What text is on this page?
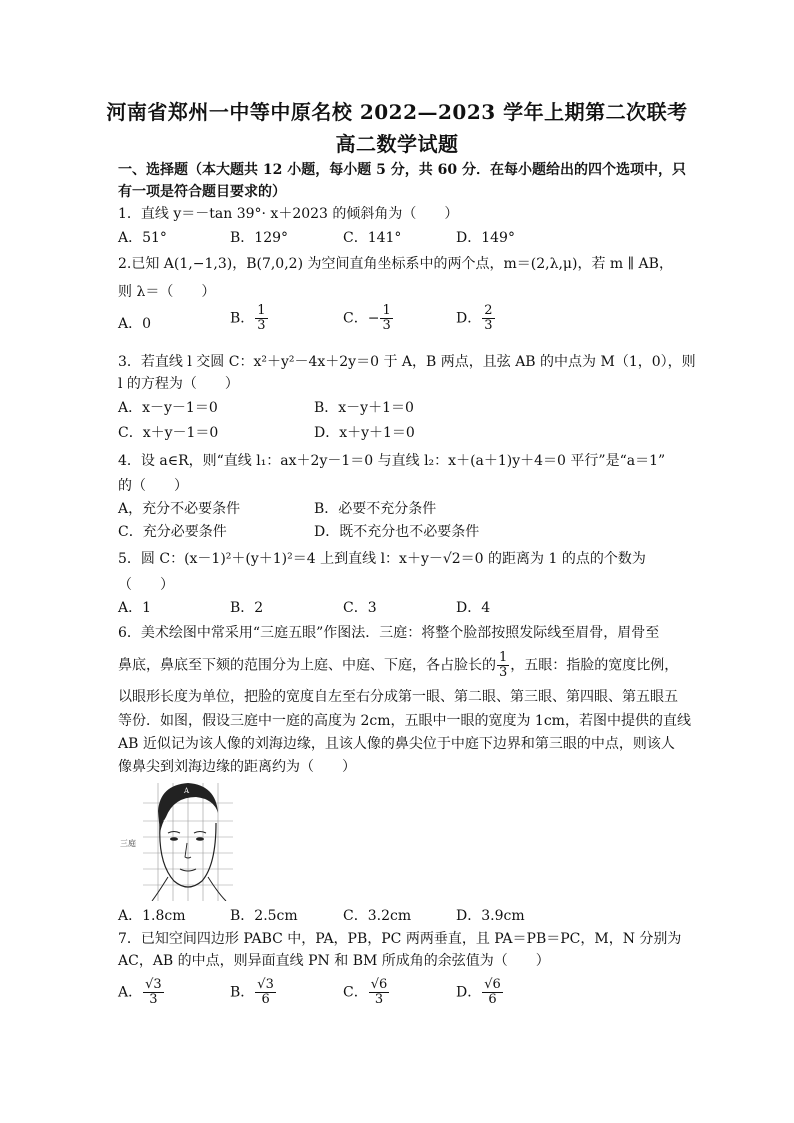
河南省郑州一中等中原名校 2022—2023 学年上期第二次联考
高二数学试题
一、选择题（本大题共 12 小题，每小题 5 分，共 60 分．在每小题给出的四个选项中，只
有一项是符合题目要求的）
1．直线 y＝－tan 39°· x＋2023 的倾斜角为（　　）
A．51°	B．129°	C．141°	D．149°
2.已知 A(1,−1,3)，B(7,0,2) 为空间直角坐标系中的两个点，m＝(2,λ,μ)，若 m ∥ AB，
则 λ＝（　　）
A．0	B． $\frac{1}{3}$	C．− $\frac{1}{3}$	D． $\frac{2}{3}$
3．若直线 l 交圆 C：x²＋y²－4x＋2y＝0 于 A，B 两点，且弦 AB 的中点为 M（1，0），则
l 的方程为（　　）
A．x－y－1＝0	B．x－y＋1＝0
C．x＋y－1＝0	D．x＋y＋1＝0
4．设 a∈R，则“直线 l₁：ax＋2y－1＝0 与直线 l₂：x＋(a＋1)y＋4＝0 平行”是“a＝1”
的（　　）
A，充分不必要条件	B．必要不充分条件
C．充分必要条件	D．既不充分也不必要条件
5．圆 C：(x－1)²＋(y＋1)²＝4 上到直线 l：x＋y－√2＝0 的距离为 1 的点的个数为
（　　）
A．1	B．2	C．3	D．4
6．美术绘图中常采用“三庭五眼”作图法．三庭：将整个脸部按照发际线至眉骨，眉骨至
鼻底，鼻底至下颏的范围分为上庭、中庭、下庭，各占脸长的 $\frac{1}{3}$ ，五眼：指脸的宽度比例，
以眼形长度为单位，把脸的宽度自左至右分成第一眼、第二眼、第三眼、第四眼、第五眼五
等份．如图，假设三庭中一庭的高度为 2cm，五眼中一眼的宽度为 1cm，若图中提供的直线
AB 近似记为该人像的刘海边缘，且该人像的鼻尖位于中庭下边界和第三眼的中点，则该人
像鼻尖到刘海边缘的距离约为（　　）
A
B
三庭
A．1.8cm	B．2.5cm	C．3.2cm	D．3.9cm
7．已知空间四边形 PABC 中，PA，PB，PC 两两垂直，且 PA＝PB＝PC，M，N 分别为
AC，AB 的中点，则异面直线 PN 和 BM 所成角的余弦值为（　　）
A． $\frac{√3}{3}$	B． $\frac{√3}{6}$	C． $\frac{√6}{3}$	D． $\frac{√6}{6}$
